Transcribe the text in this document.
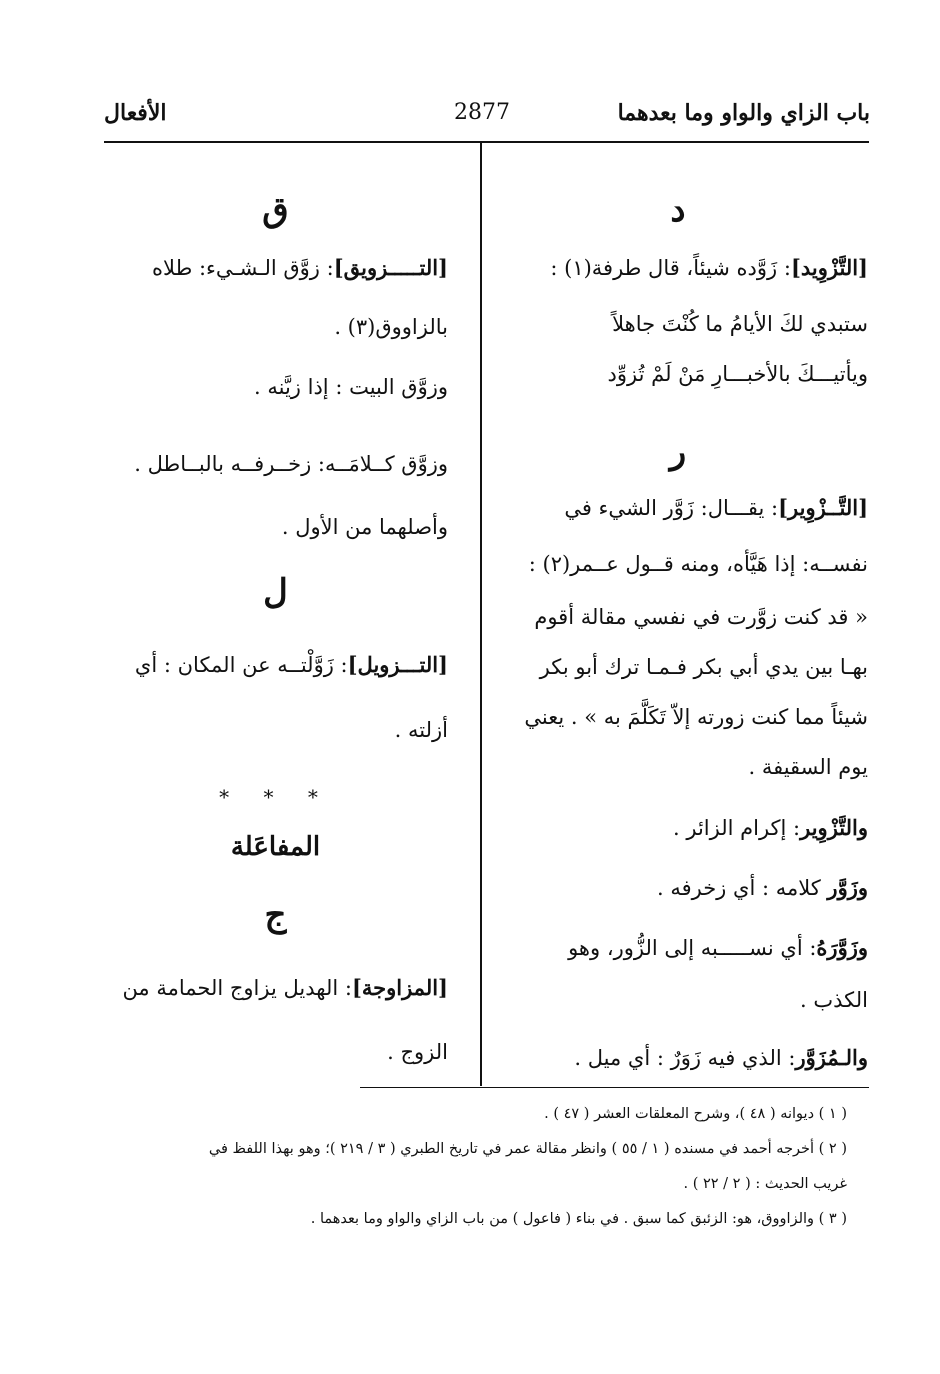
باب الزاي والواو وما بعدهما
2877
الأفعال
د
[التَّزْوِيد]: زَوَّده شيئاً، قال طرفة(١) :
ستبدي لكَ الأيامُ ما كُنْتَ جاهلاً
ويأتيـــكَ بالأخبـــارِ مَنْ لَمْ تُزوِّد
ر
[التَّــزْوِير]: يقـــال: زَوَّر الشيء في
نفســه: إذا هَيَّأه، ومنه قــول عــمر(٢) :
« قد كنت زوَّرت في نفسي مقالة أقوم
بهـا بين يدي أبي بكر فـمـا ترك أبو بكر
شيئاً مما كنت زورته إلاّ تَكَلَّمَ به » . يعني
يوم السقيفة .
والتَّزْوِير: إكرام الزائر .
وزَوَّر كلامه : أي زخرفه .
وزَوَّرَهُ: أي نســـــبه إلى الزُّور، وهو
الكذب .
والـمُزَوَّر: الذي فيه زَوَرٌ : أي ميل .
ق
[التـــــزويق]: زوَّق الـشـيء: طلاه
بالزاووق(٣) .
وزوَّق البيت : إذا زيَّنه .
وزوَّق كــلامَــه: زخــرفــه بالبــاطل .
وأصلهما من الأول .
ل
[التـــزويل]: زَوَّلْتــه عن المكان : أي
أزلته .
* * *
المفاعَلة
ج
[المزاوجة]: الهديل يزاوج الحمامة من
الزوج .
( ١ ) ديوانه ( ٤٨ )، وشرح المعلقات العشر ( ٤٧ ) .
( ٢ ) أخرجه أحمد في مسنده ( ١ / ٥٥ ) وانظر مقالة عمر في تاريخ الطبري ( ٣ / ٢١٩ )؛ وهو بهذا اللفظ في
غريب الحديث : ( ٢ / ٢٢ ) .
( ٣ ) والزاووق، هو: الزئبق كما سبق . في بناء ( فاعول ) من باب الزاي والواو وما بعدهما .
